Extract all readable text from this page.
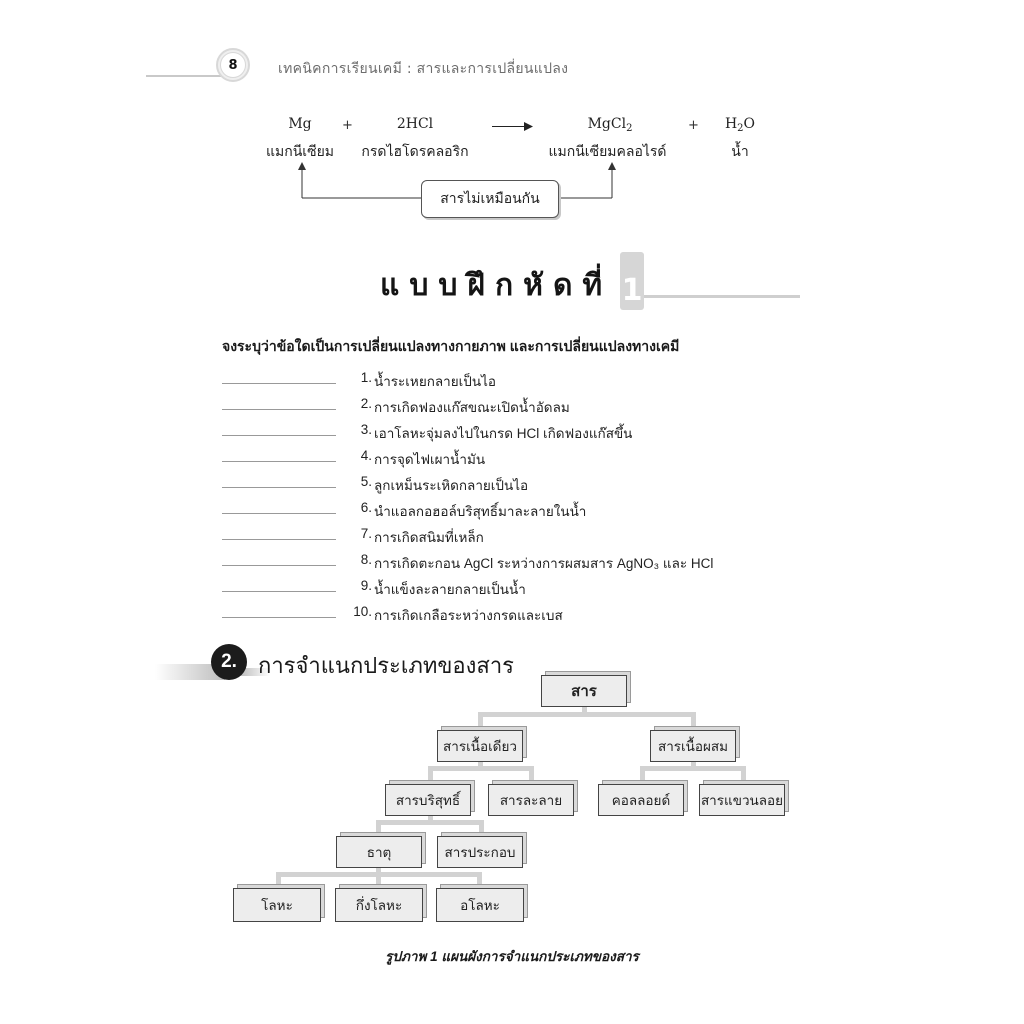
8	เทคนิคการเรียนเคมี : สารและการเปลี่ยนแปลง
Mg
แมกนีเซียม
+	2HCl
กรดไฮโดรคลอริก
MgCl$_2$
แมกนีเซียมคลอไรด์
+	$H_2O$
น้ำ
สารไม่เหมือนกัน
แบบฝึกหัดที่ 1
จงระบุว่าข้อใดเป็นการเปลี่ยนแปลงทางกายภาพ และการเปลี่ยนแปลงทางเคมี
1. น้ำระเหยกลายเป็นไอ
2. การเกิดฟองแก๊สขณะเปิดน้ำอัดลม
3. เอาโลหะจุ่มลงไปในกรด HCl เกิดฟองแก๊สขึ้น
4. การจุดไฟเผาน้ำมัน
5. ลูกเหม็นระเหิดกลายเป็นไอ
6. นำแอลกอฮอล์บริสุทธิ์มาละลายในน้ำ
7. การเกิดสนิมที่เหล็ก
8. การเกิดตะกอน AgCl ระหว่างการผสมสาร AgNO₃ และ HCl
9. น้ำแข็งละลายกลายเป็นน้ำ
10. การเกิดเกลือระหว่างกรดและเบส
2. การจำแนกประเภทของสาร
สาร
สารเนื้อเดียว	สารเนื้อผสม
สารบริสุทธิ์	สารละลาย	คอลลอยด์	สารแขวนลอย
ธาตุ	สารประกอบ
โลหะ	กึ่งโลหะ	อโลหะ
รูปภาพ 1 แผนผังการจำแนกประเภทของสาร
